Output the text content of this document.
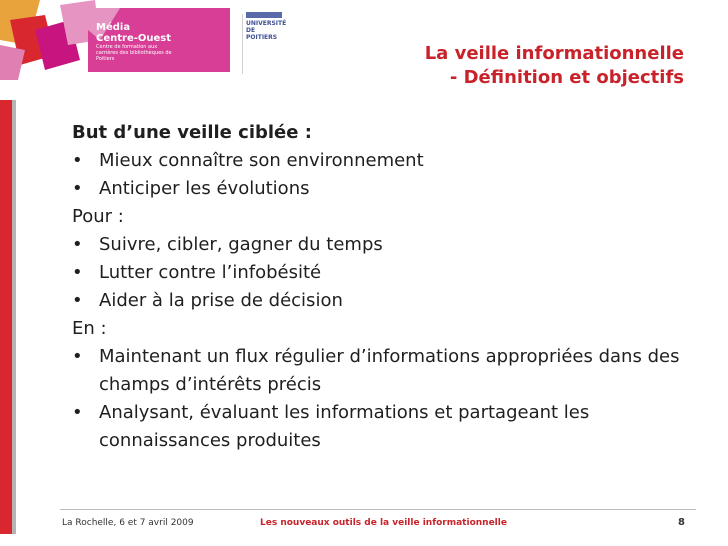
Média
Centre-Ouest
Centre de formation aux carrières des bibliothèques de Poitiers
UNIVERSITÉ
DE POITIERS
La veille informationnelle
- Définition et objectifs
But d’une veille ciblée :
• Mieux connaître son environnement
• Anticiper les évolutions
Pour :
• Suivre, cibler, gagner du temps
• Lutter contre l’infobésité
• Aider à la prise de décision
En :
• Maintenant un flux régulier d’informations appropriées dans des champs d’intérêts précis
• Analysant, évaluant les informations et partageant les connaissances produites
La Rochelle, 6 et 7 avril 2009	Les nouveaux outils de la veille informationnelle	8
